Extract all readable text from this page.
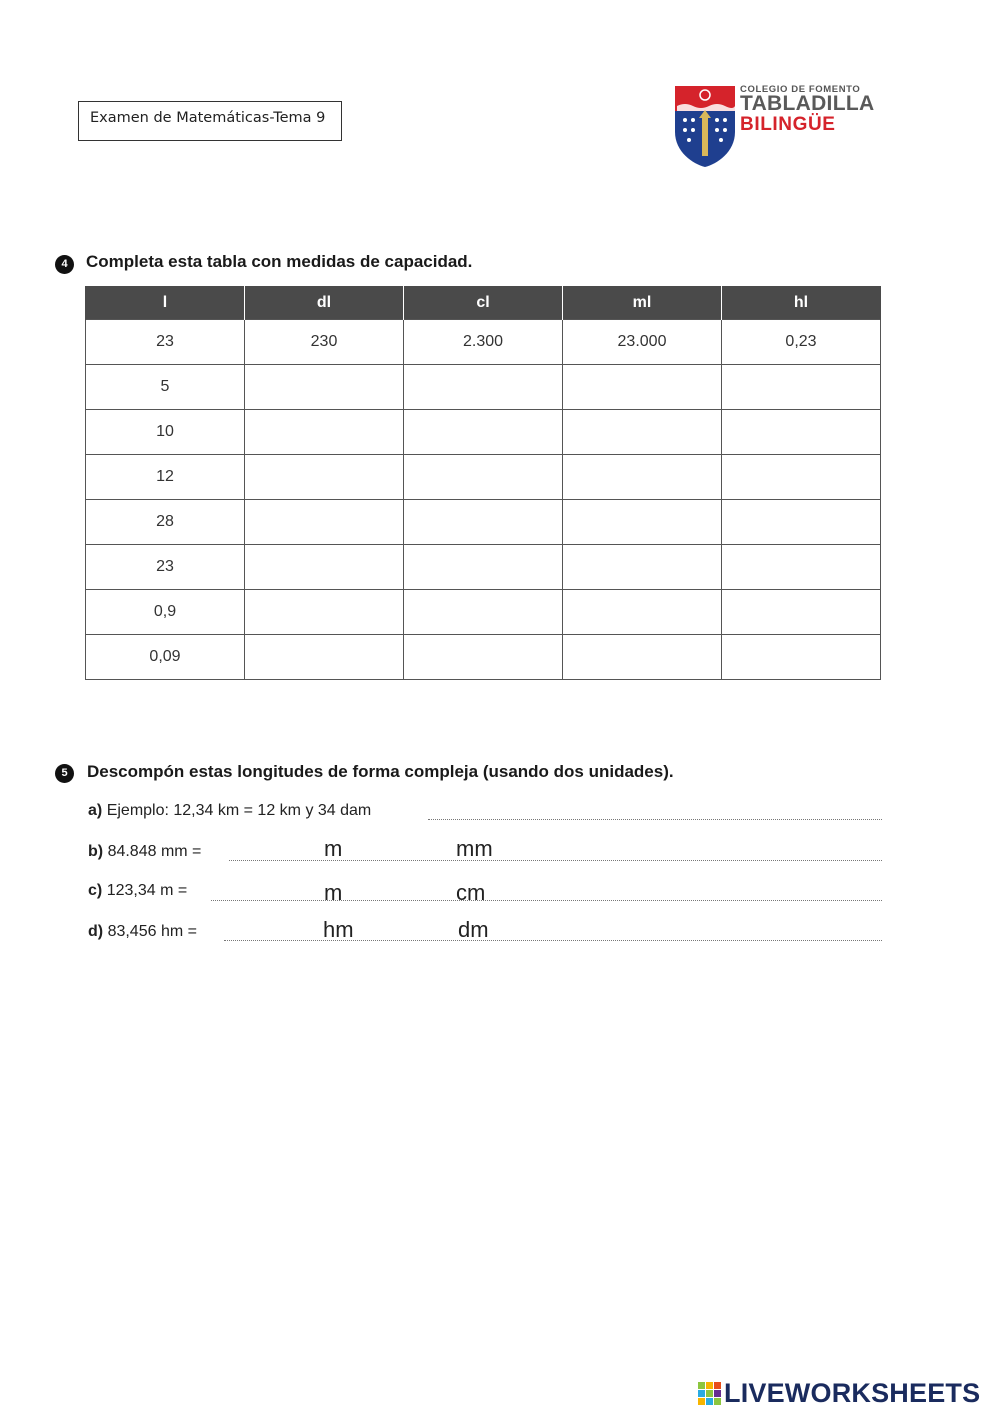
Examen de Matemáticas-Tema 9
COLEGIO DE FOMENTO
TABLADILLA
BILINGÜE
4	Completa esta tabla con medidas de capacidad.
l	dl	cl	ml	hl
23	230	2.300	23.000	0,23
5				
10				
12				
28				
23				
0,9				
0,09				
5	Descompón estas longitudes de forma compleja (usando dos unidades).
a) Ejemplo: 12,34 km = 12 km y 34 dam
b) 84.848 mm =	m	mm
c) 123,34 m =	m	cm
d) 83,456 hm =	hm	dm
LIVEWORKSHEETS
